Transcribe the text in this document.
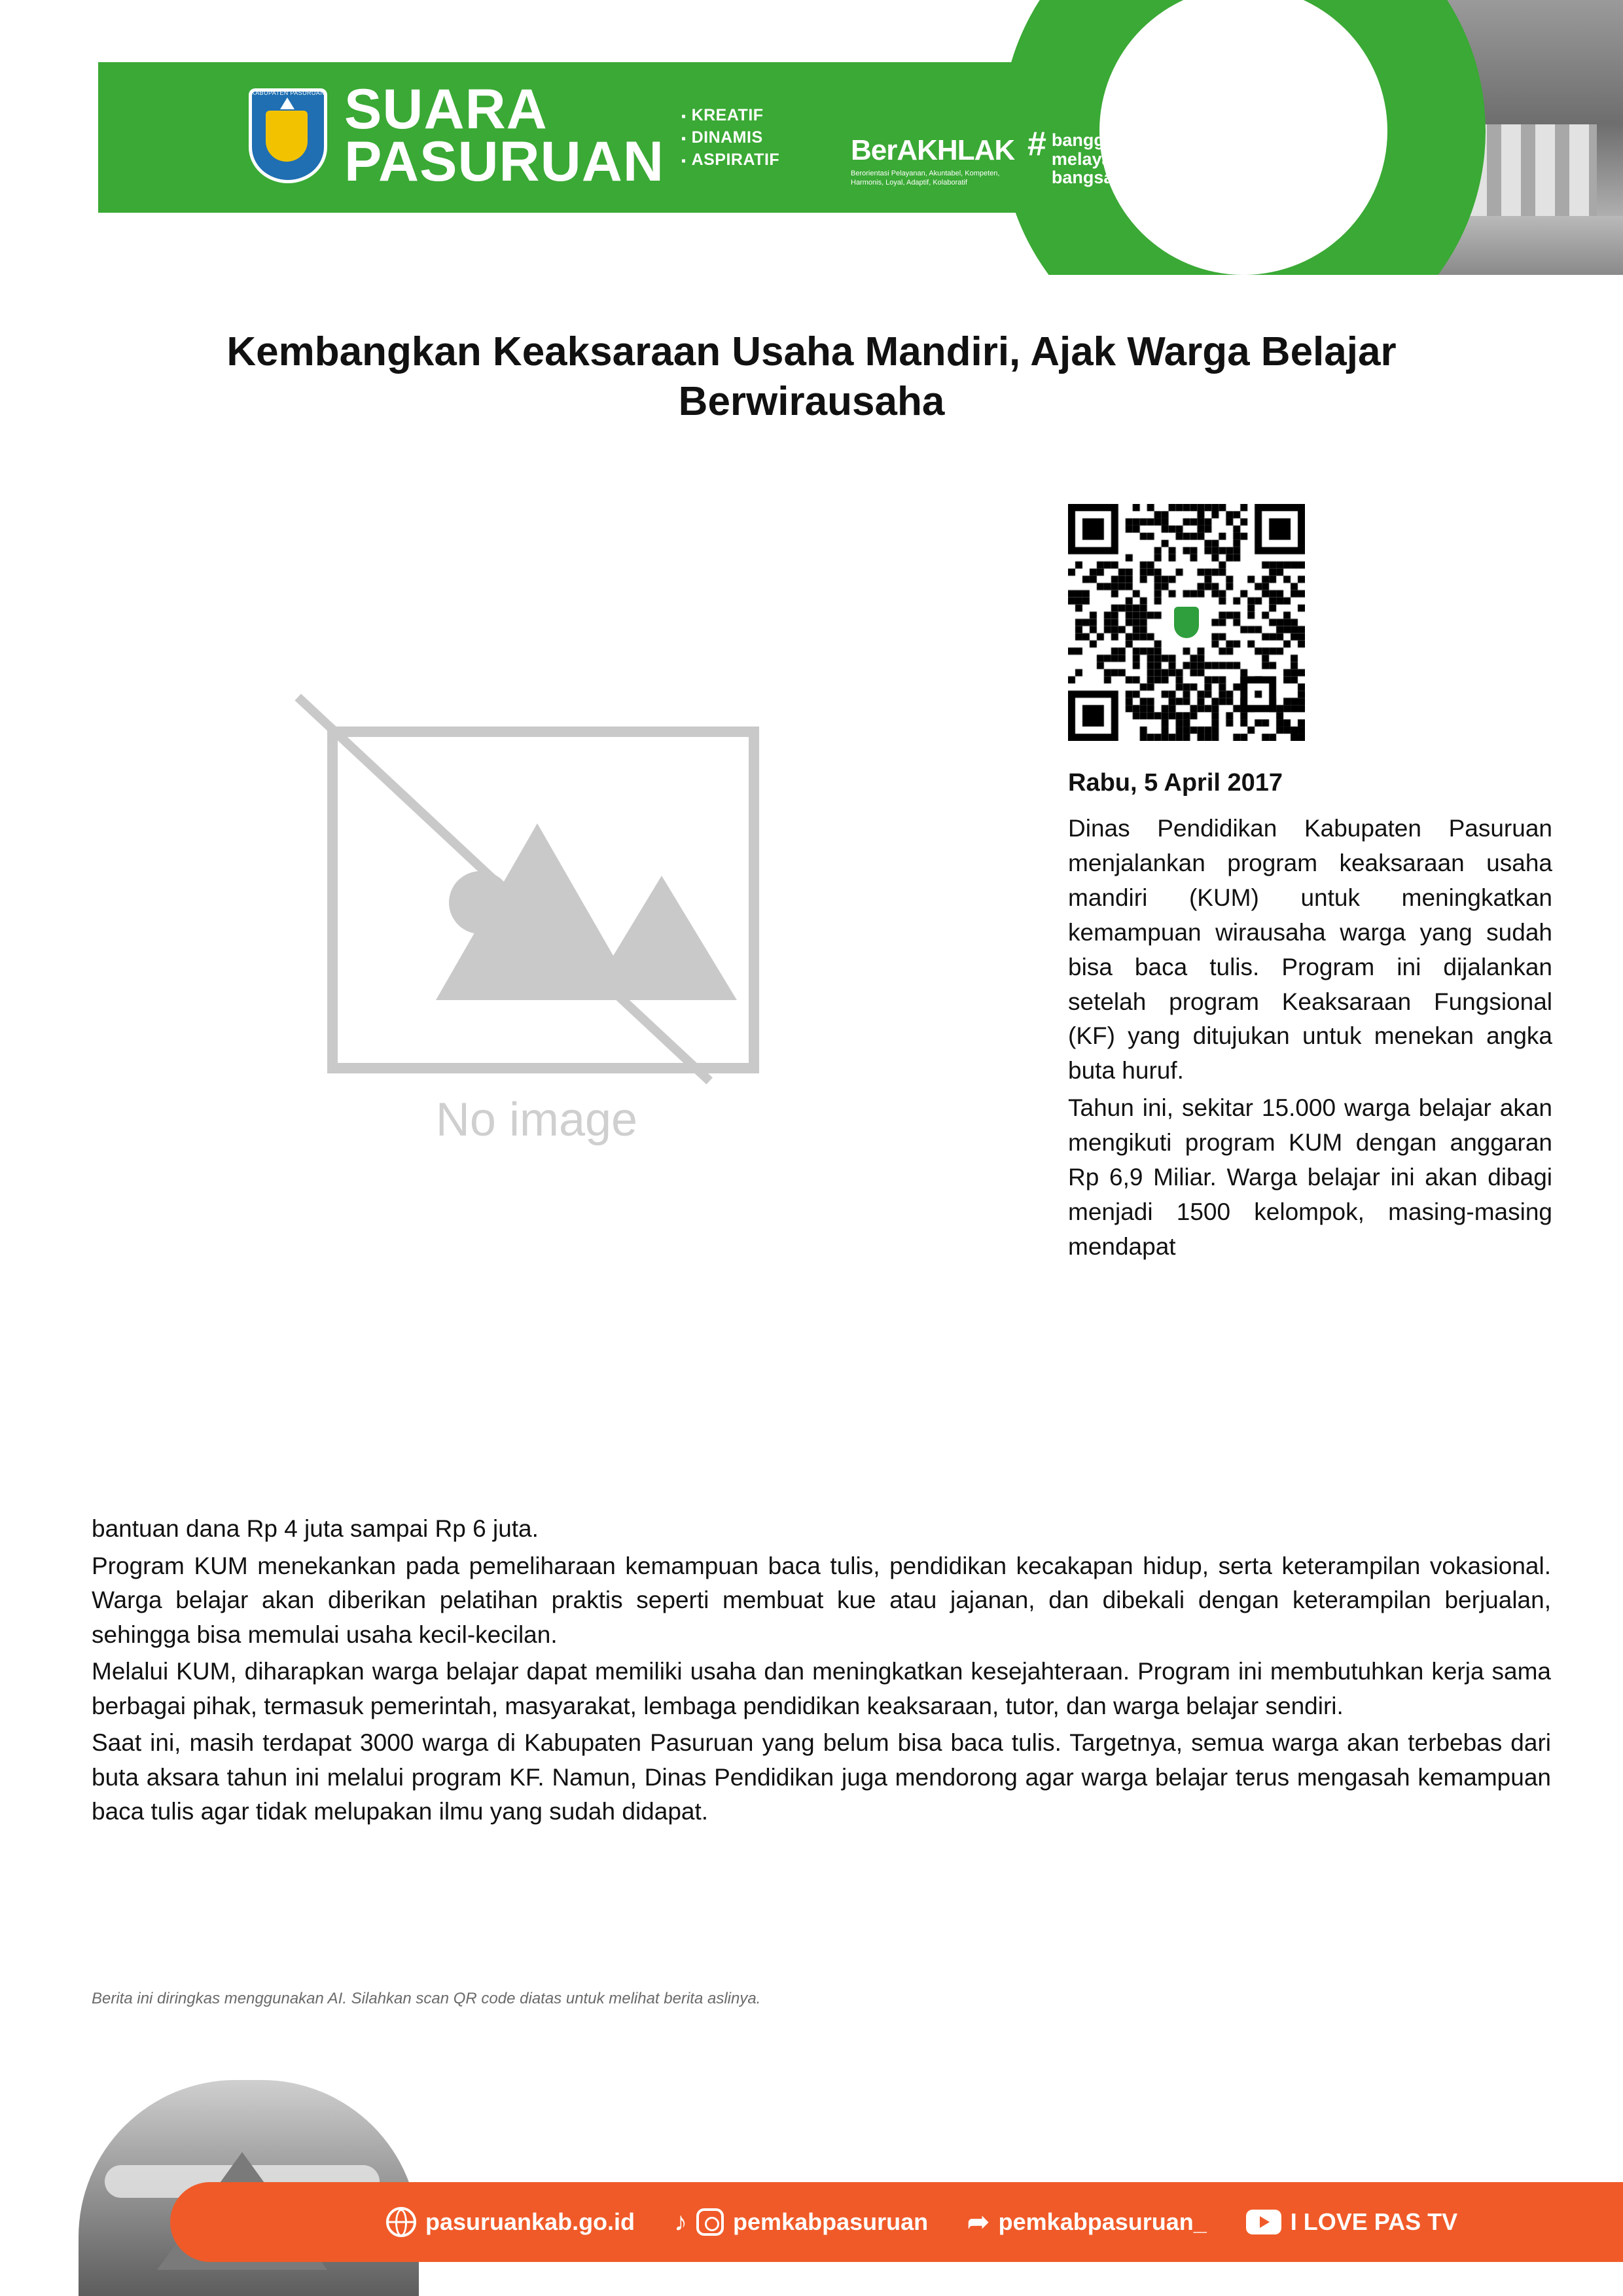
KABUPATEN PASURUAN SUARA
PASURUAN
▪ KREATIF
▪ DINAMIS
▪ ASPIRATIF BerAKHLAK
Berorientasi Pelayanan, Akuntabel, Kompeten, Harmonis, Loyal, Adaptif, Kolaboratif
# bangga
melayani
bangsa
Kembangkan Keaksaraan Usaha Mandiri, Ajak Warga Belajar Berwirausaha
No image
Rabu, 5 April 2017

Dinas Pendidikan Kabupaten Pasuruan menjalankan program keaksaraan usaha mandiri (KUM) untuk meningkatkan kemampuan wirausaha warga yang sudah bisa baca tulis. Program ini dijalankan setelah program Keaksaraan Fungsional (KF) yang ditujukan untuk menekan angka buta huruf.

Tahun ini, sekitar 15.000 warga belajar akan mengikuti program KUM dengan anggaran Rp 6,9 Miliar. Warga belajar ini akan dibagi menjadi 1500 kelompok, masing-masing mendapat

bantuan dana Rp 4 juta sampai Rp 6 juta.

Program KUM menekankan pada pemeliharaan kemampuan baca tulis, pendidikan kecakapan hidup, serta keterampilan vokasional. Warga belajar akan diberikan pelatihan praktis seperti membuat kue atau jajanan, dan dibekali dengan keterampilan berjualan, sehingga bisa memulai usaha kecil-kecilan.

Melalui KUM, diharapkan warga belajar dapat memiliki usaha dan meningkatkan kesejahteraan. Program ini membutuhkan kerja sama berbagai pihak, termasuk pemerintah, masyarakat, lembaga pendidikan keaksaraan, tutor, dan warga belajar sendiri.

Saat ini, masih terdapat 3000 warga di Kabupaten Pasuruan yang belum bisa baca tulis. Targetnya, semua warga akan terbebas dari buta aksara tahun ini melalui program KF. Namun, Dinas Pendidikan juga mendorong agar warga belajar terus mengasah kemampuan baca tulis agar tidak melupakan ilmu yang sudah didapat.

Berita ini diringkas menggunakan AI. Silahkan scan QR code diatas untuk melihat berita aslinya.
pasuruankab.go.id ♪ pemkabpasuruan ➦ pemkabpasuruan_	I LOVE PAS TV
